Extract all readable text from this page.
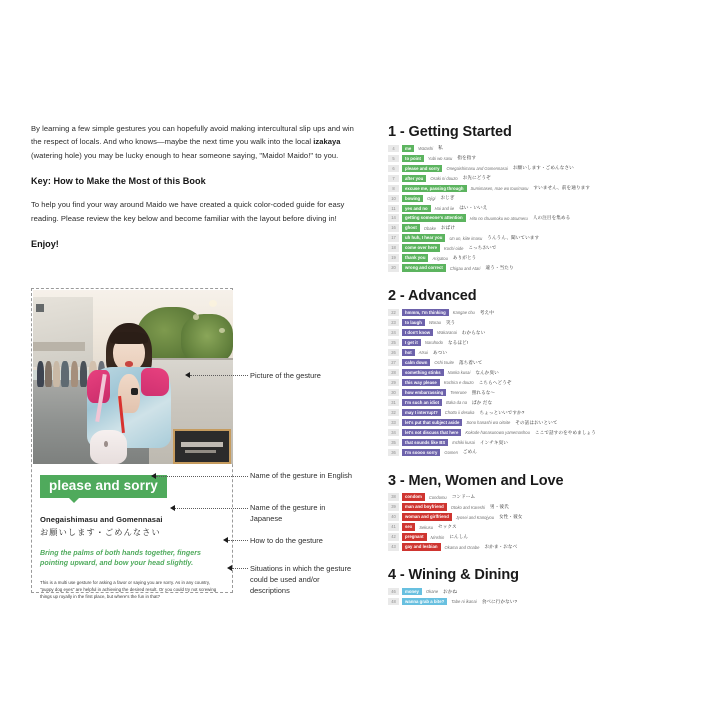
By learning a few simple gestures you can hopefully avoid making intercultural slip ups and win the respect of locals. And who knows—maybe the next time you walk into the local izakaya (watering hole) you may be lucky enough to hear someone saying, "Maido! Maido!" to you.

Key: How to Make the Most of this Book

To help you find your way around Maido we have created a quick color-coded guide for easy reading. Please review the key below and become familiar with the layout before diving in!

Enjoy!
please and sorry
Onegaishimasu and Gomennasai
お願いします・ごめんなさい
Bring the palms of both hands together, fingers pointing upward, and bow your head slightly.
This is a multi use gesture for asking a favor or saying you are sorry. As in any country, "puppy dog eyes" are helpful in achieving the desired result. Or you could try not screwing things up royally in the first place, but where's the fun in that?
Picture of the gesture
Name of the gesture in English
Name of the gesture in Japanese
How to do the gesture
Situations in which the gesture could be used and/or descriptions
1 - Getting Started
4	me	Watashi 私
5	to point	Yubi wo sasu 指を指す
6	please and sorry	Onegaishimasu and Gomennasai お願いします・ごめんなさい
7	after you	Osaki ni douzo お先にどうぞ
8	excuse me, passing through	Sumimasen, mae wo tourimasu すいません、前を通ります
10	bowing	Ojigi おじぎ
11	yes and no	Hai and iie はい・いいえ
14	getting someone's attention	Hito no chuumoku wo atsumeru 人の注目を集める
16	ghost	Obake おばけ
17	uh huh, I hear you	Un un, kiite imasu うんうん、聞いています
18	come over here	Kochi oide こっちおいで
19	thank you	Arigatou ありがとう
20	wrong and correct	Chigau and Atari 違う・当たり
2 - Advanced
22	hmmm, I'm thinking	Kangae chu 考え中
23	to laugh	Warau 笑う
24	I don't know	Wakaranai わからない
25	I get it	Naruhodo なるほど!
26	hot	Atsui あつい
27	calm down	Ochi tsuite 落ち着いて
28	something stinks	Nanka kusai なんか臭い
29	this way please	Kochira e douzo こちらへどうぞ
30	how embarrassing	Tererune 照れるな〜
31	I'm such an idiot	Baka da na ばか だな
32	may I interrupt?	Chotto ii desuka ちょっといいですか?
33	let's put that subject aside	Sono hanashi wa oitoite その話はおいといて
34	let's not discuss that here	Kokode hanasunowa yamemashou ここで話すのをやめましょう
35	that sounds like BS	Inchiki kusai インチキ臭い
36	I'm soooo sorry	Gomen ごめん
3 - Men, Women and Love
38	condom	Condomu コンドーム
39	man and boyfriend	Otoko and Kareshi 男・彼氏
40	woman and girlfriend	Jyosei and Kanojyou 女性・彼女
41	sex	Sekusu セックス
42	pregnant	Ninshin にんしん
43	gay and lesbian	Okama and Onabe おかま・おなべ
4 - Wining & Dining
46	money	Okane おかね
48	wanna grab a bite?	Tabe ni ikanai 食べに行かない?
